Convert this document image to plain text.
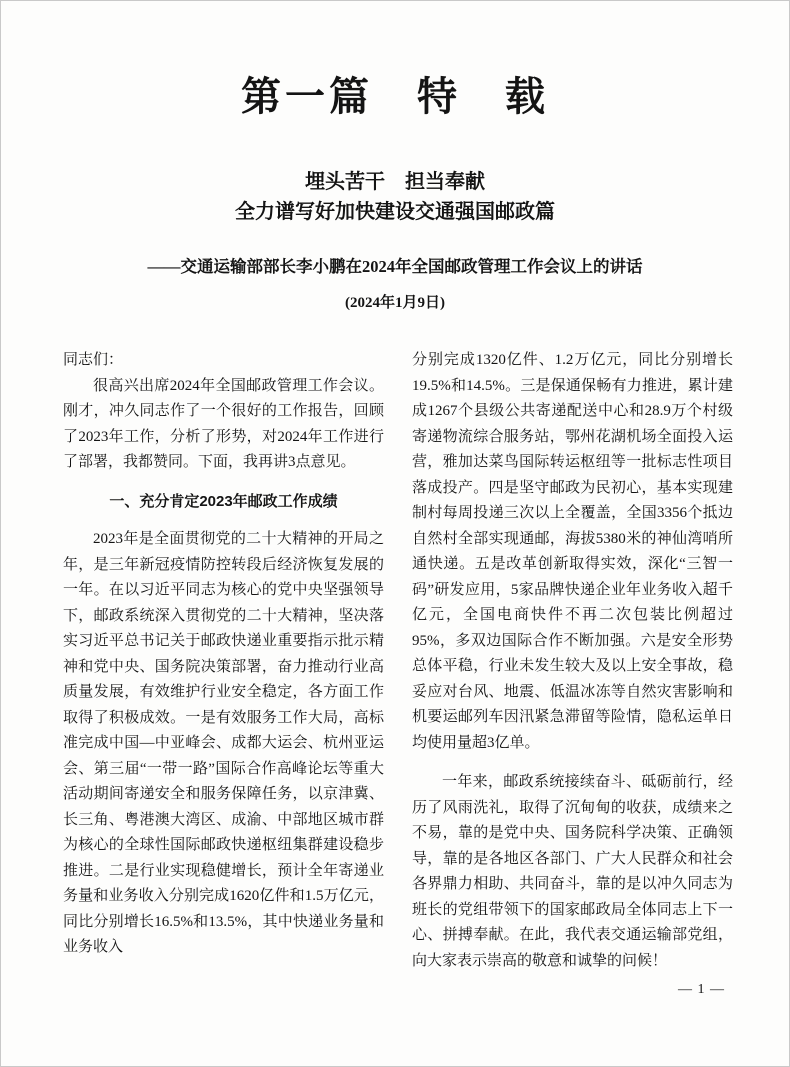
第一篇　特　载
埋头苦干　担当奉献
全力谱写好加快建设交通强国邮政篇
——交通运输部部长李小鹏在2024年全国邮政管理工作会议上的讲话
(2024年1月9日)

同志们：

很高兴出席2024年全国邮政管理工作会议。刚才，冲久同志作了一个很好的工作报告，回顾了2023年工作，分析了形势，对2024年工作进行了部署，我都赞同。下面，我再讲3点意见。

一、充分肯定2023年邮政工作成绩

2023年是全面贯彻党的二十大精神的开局之年，是三年新冠疫情防控转段后经济恢复发展的一年。在以习近平同志为核心的党中央坚强领导下，邮政系统深入贯彻党的二十大精神，坚决落实习近平总书记关于邮政快递业重要指示批示精神和党中央、国务院决策部署，奋力推动行业高质量发展，有效维护行业安全稳定，各方面工作取得了积极成效。一是有效服务工作大局，高标准完成中国—中亚峰会、成都大运会、杭州亚运会、第三届“一带一路”国际合作高峰论坛等重大活动期间寄递安全和服务保障任务，以京津冀、长三角、粤港澳大湾区、成渝、中部地区城市群为核心的全球性国际邮政快递枢纽集群建设稳步推进。二是行业实现稳健增长，预计全年寄递业务量和业务收入分别完成1620亿件和1.5万亿元，同比分别增长16.5%和13.5%，其中快递业务量和业务收入

分别完成1320亿件、1.2万亿元，同比分别增长19.5%和14.5%。三是保通保畅有力推进，累计建成1267个县级公共寄递配送中心和28.9万个村级寄递物流综合服务站，鄂州花湖机场全面投入运营，雅加达菜鸟国际转运枢纽等一批标志性项目落成投产。四是坚守邮政为民初心，基本实现建制村每周投递三次以上全覆盖，全国3356个抵边自然村全部实现通邮，海拔5380米的神仙湾哨所通快递。五是改革创新取得实效，深化“三智一码”研发应用，5家品牌快递企业年业务收入超千亿元，全国电商快件不再二次包装比例超过95%，多双边国际合作不断加强。六是安全形势总体平稳，行业未发生较大及以上安全事故，稳妥应对台风、地震、低温冰冻等自然灾害影响和机要运邮列车因汛紧急滞留等险情，隐私运单日均使用量超3亿单。

一年来，邮政系统接续奋斗、砥砺前行，经历了风雨洗礼，取得了沉甸甸的收获，成绩来之不易，靠的是党中央、国务院科学决策、正确领导，靠的是各地区各部门、广大人民群众和社会各界鼎力相助、共同奋斗，靠的是以冲久同志为班长的党组带领下的国家邮政局全体同志上下一心、拼搏奉献。在此，我代表交通运输部党组，向大家表示崇高的敬意和诚挚的问候！

— 1 —
